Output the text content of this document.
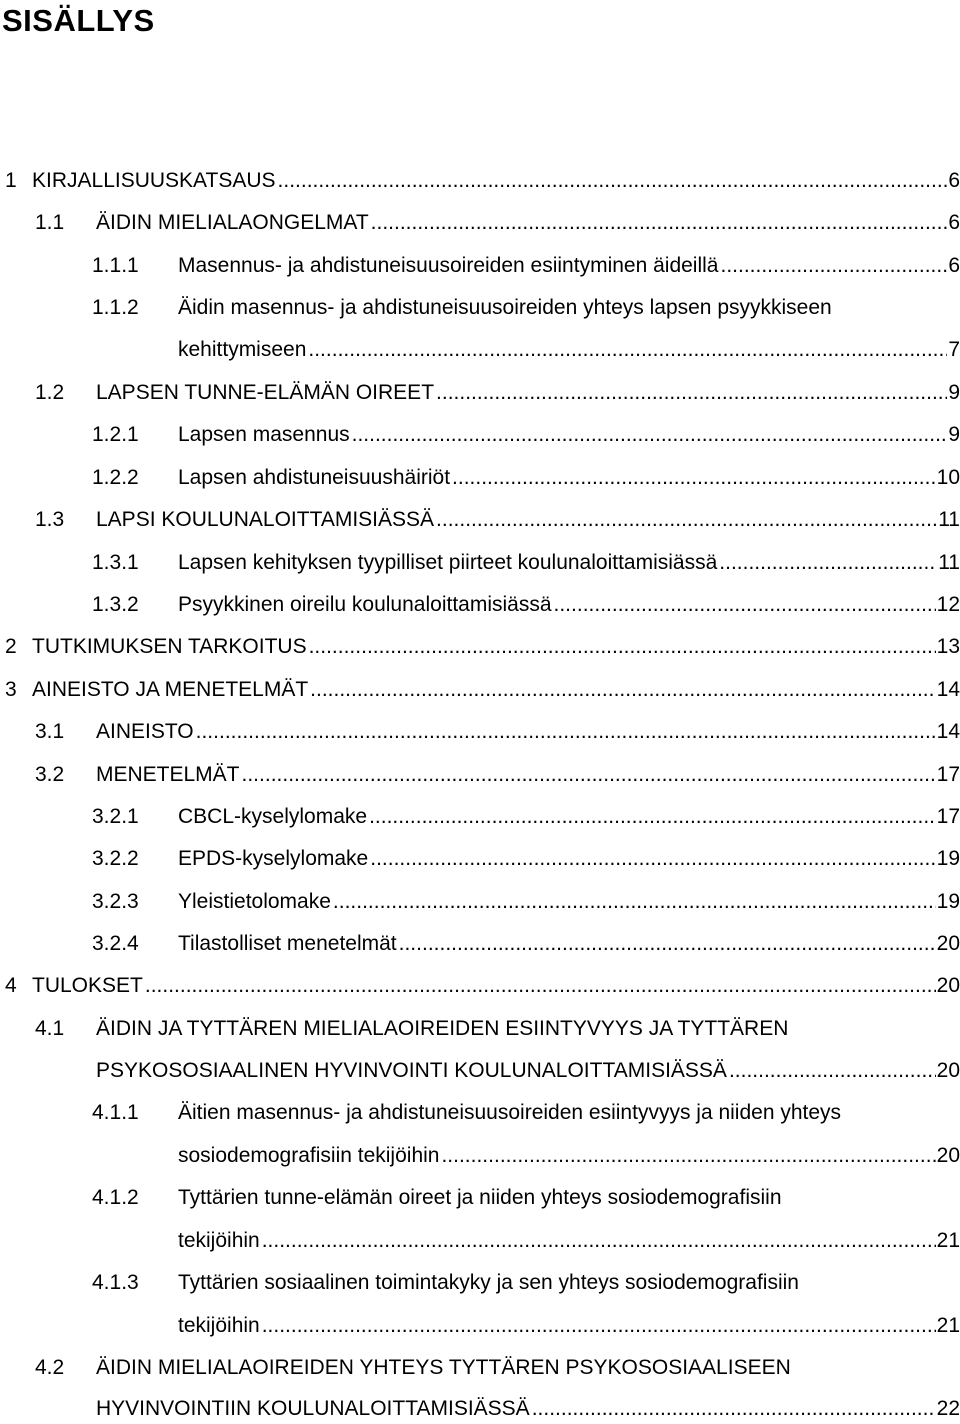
SISÄLLYS
1 KIRJALLISUUSKATSAUS .....	6
1.1 ÄIDIN MIELIALAONGELMAT .....	6
1.1.1 Masennus- ja ahdistuneisuusoireiden esiintyminen äideillä .....	6
1.1.2 Äidin masennus- ja ahdistuneisuusoireiden yhteys lapsen psyykkiseen
kehittymiseen .....	7
1.2 LAPSEN TUNNE-ELÄMÄN OIREET .....	9
1.2.1 Lapsen masennus .....	9
1.2.2 Lapsen ahdistuneisuushäiriöt .....	10
1.3 LAPSI KOULUNALOITTAMISIÄSSÄ .....	11
1.3.1 Lapsen kehityksen tyypilliset piirteet koulunaloittamisiässä .....	11
1.3.2 Psyykkinen oireilu koulunaloittamisiässä .....	12
2 TUTKIMUKSEN TARKOITUS .....	13
3 AINEISTO JA MENETELMÄT .....	14
3.1 AINEISTO .....	14
3.2 MENETELMÄT .....	17
3.2.1 CBCL-kyselylomake .....	17
3.2.2 EPDS-kyselylomake .....	19
3.2.3 Yleistietolomake .....	19
3.2.4 Tilastolliset menetelmät .....	20
4 TULOKSET .....	20
4.1 ÄIDIN JA TYTTÄREN MIELIALAOIREIDEN ESIINTYVYYS JA TYTTÄREN
PSYKOSOSIAALINEN HYVINVOINTI KOULUNALOITTAMISIÄSSÄ .....	20
4.1.1 Äitien masennus- ja ahdistuneisuusoireiden esiintyvyys ja niiden yhteys
sosiodemografisiin tekijöihin .....	20
4.1.2 Tyttärien tunne-elämän oireet ja niiden yhteys sosiodemografisiin
tekijöihin .....	21
4.1.3 Tyttärien sosiaalinen toimintakyky ja sen yhteys sosiodemografisiin
tekijöihin .....	21
4.2 ÄIDIN MIELIALAOIREIDEN YHTEYS TYTTÄREN PSYKOSOSIAALISEEN
HYVINVOINTIIN KOULUNALOITTAMISIÄSSÄ .....	22
